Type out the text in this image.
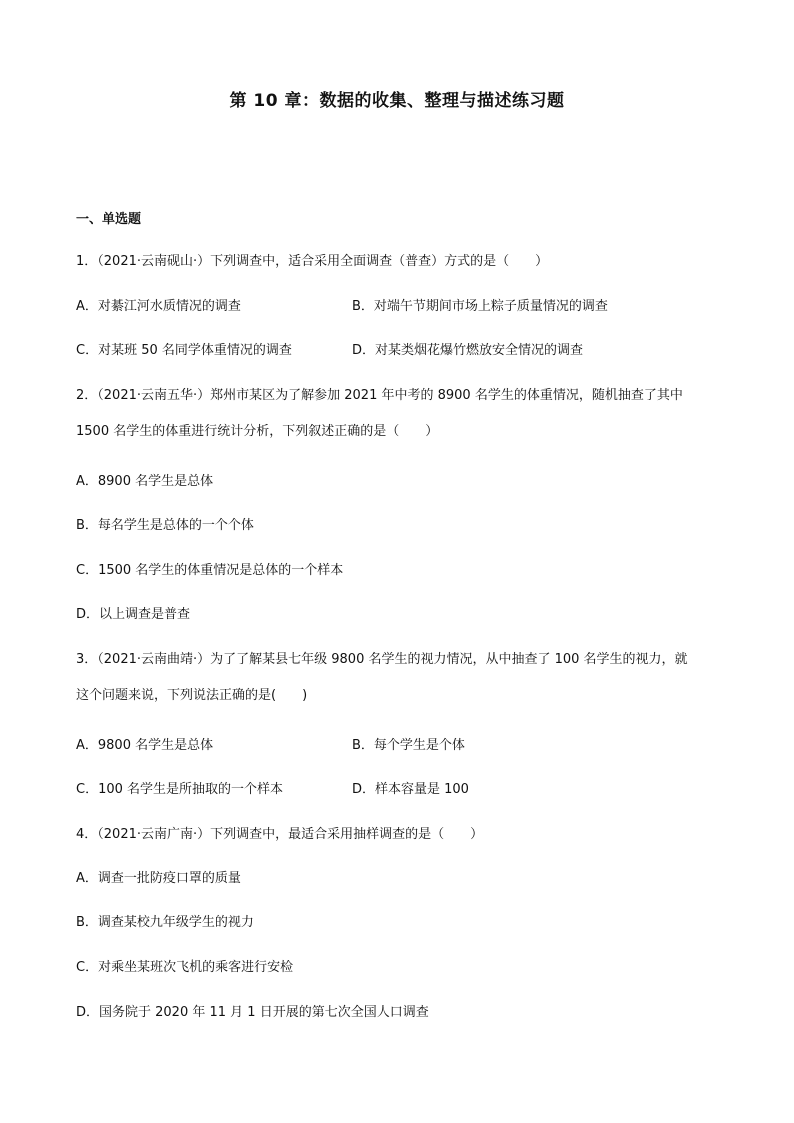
第 10 章：数据的收集、整理与描述练习题
一、单选题
1．（2021·云南砚山·）下列调查中，适合采用全面调查（普查）方式的是（　　）
A．对綦江河水质情况的调查	B．对端午节期间市场上粽子质量情况的调查
C．对某班 50 名同学体重情况的调查	D．对某类烟花爆竹燃放安全情况的调查
2．（2021·云南五华·）郑州市某区为了解参加 2021 年中考的 8900 名学生的体重情况，随机抽查了其中
1500 名学生的体重进行统计分析，下列叙述正确的是（　　）
A．8900 名学生是总体
B．每名学生是总体的一个个体
C．1500 名学生的体重情况是总体的一个样本
D．以上调查是普查
3．（2021·云南曲靖·）为了了解某县七年级 9800 名学生的视力情况，从中抽查了 100 名学生的视力，就
这个问题来说，下列说法正确的是(　　)
A．9800 名学生是总体	B．每个学生是个体
C．100 名学生是所抽取的一个样本	D．样本容量是 100
4．（2021·云南广南·）下列调查中，最适合采用抽样调查的是（　　）
A．调查一批防疫口罩的质量
B．调查某校九年级学生的视力
C．对乘坐某班次飞机的乘客进行安检
D．国务院于 2020 年 11 月 1 日开展的第七次全国人口调查
